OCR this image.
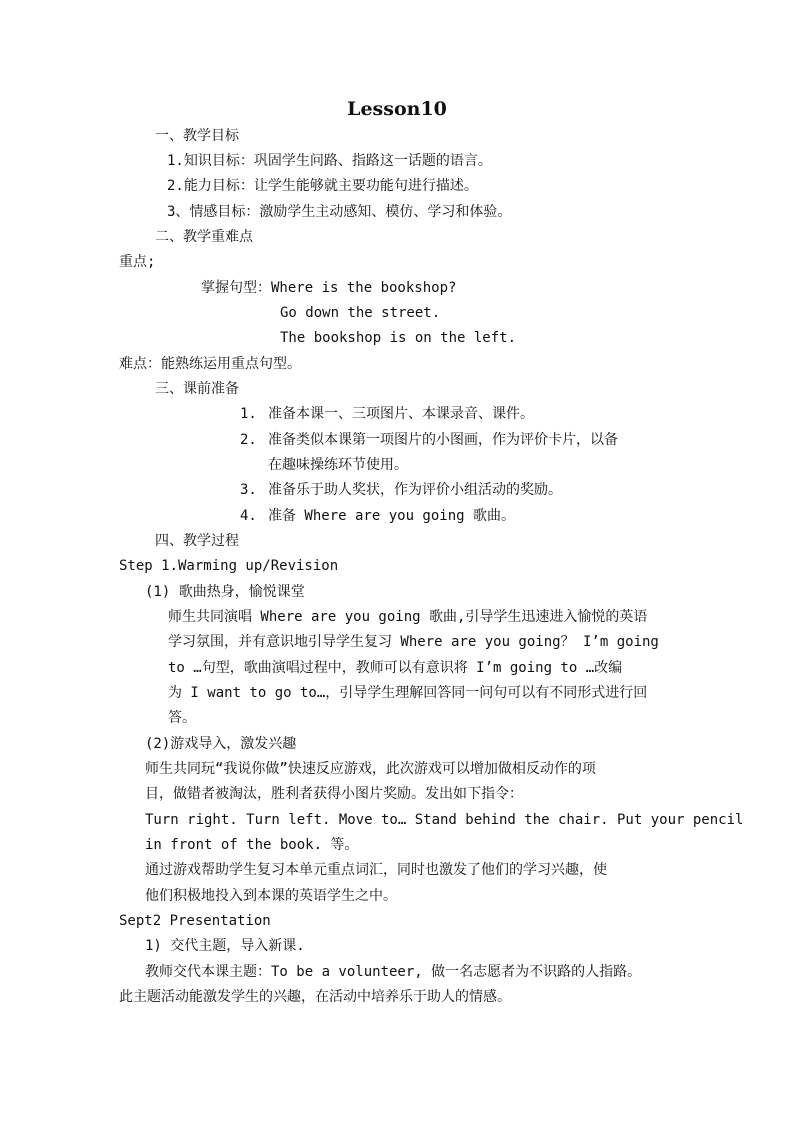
Lesson10
一、教学目标
1.知识目标：巩固学生问路、指路这一话题的语言。
2.能力目标：让学生能够就主要功能句进行描述。
3、情感目标：激励学生主动感知、模仿、学习和体验。
二、教学重难点
重点;
掌握句型：Where is the bookshop?
Go down the street.
The bookshop is on the left.
难点：能熟练运用重点句型。
三、课前准备
1. 准备本课一、三项图片、本课录音、课件。
2. 准备类似本课第一项图片的小图画，作为评价卡片，以备
在趣味操练环节使用。
3. 准备乐于助人奖状，作为评价小组活动的奖励。
4. 准备 Where are you going 歌曲。
四、教学过程
Step 1.Warming up/Revision
(1) 歌曲热身，愉悦课堂
师生共同演唱 Where are you going 歌曲,引导学生迅速进入愉悦的英语
学习氛围，并有意识地引导学生复习 Where are you going？ I’m going
to …句型，歌曲演唱过程中，教师可以有意识将 I’m going to …改编
为 I want to go to…，引导学生理解回答同一问句可以有不同形式进行回
答。
(2)游戏导入，激发兴趣
师生共同玩“我说你做”快速反应游戏，此次游戏可以增加做相反动作的项
目，做错者被淘汰，胜利者获得小图片奖励。发出如下指令：
Turn right. Turn left. Move to… Stand behind the chair. Put your pencil
in front of the book. 等。
通过游戏帮助学生复习本单元重点词汇，同时也激发了他们的学习兴趣，使
他们积极地投入到本课的英语学生之中。
Sept2 Presentation
1) 交代主题，导入新课.
教师交代本课主题：To be a volunteer, 做一名志愿者为不识路的人指路。
此主题活动能激发学生的兴趣，在活动中培养乐于助人的情感。
